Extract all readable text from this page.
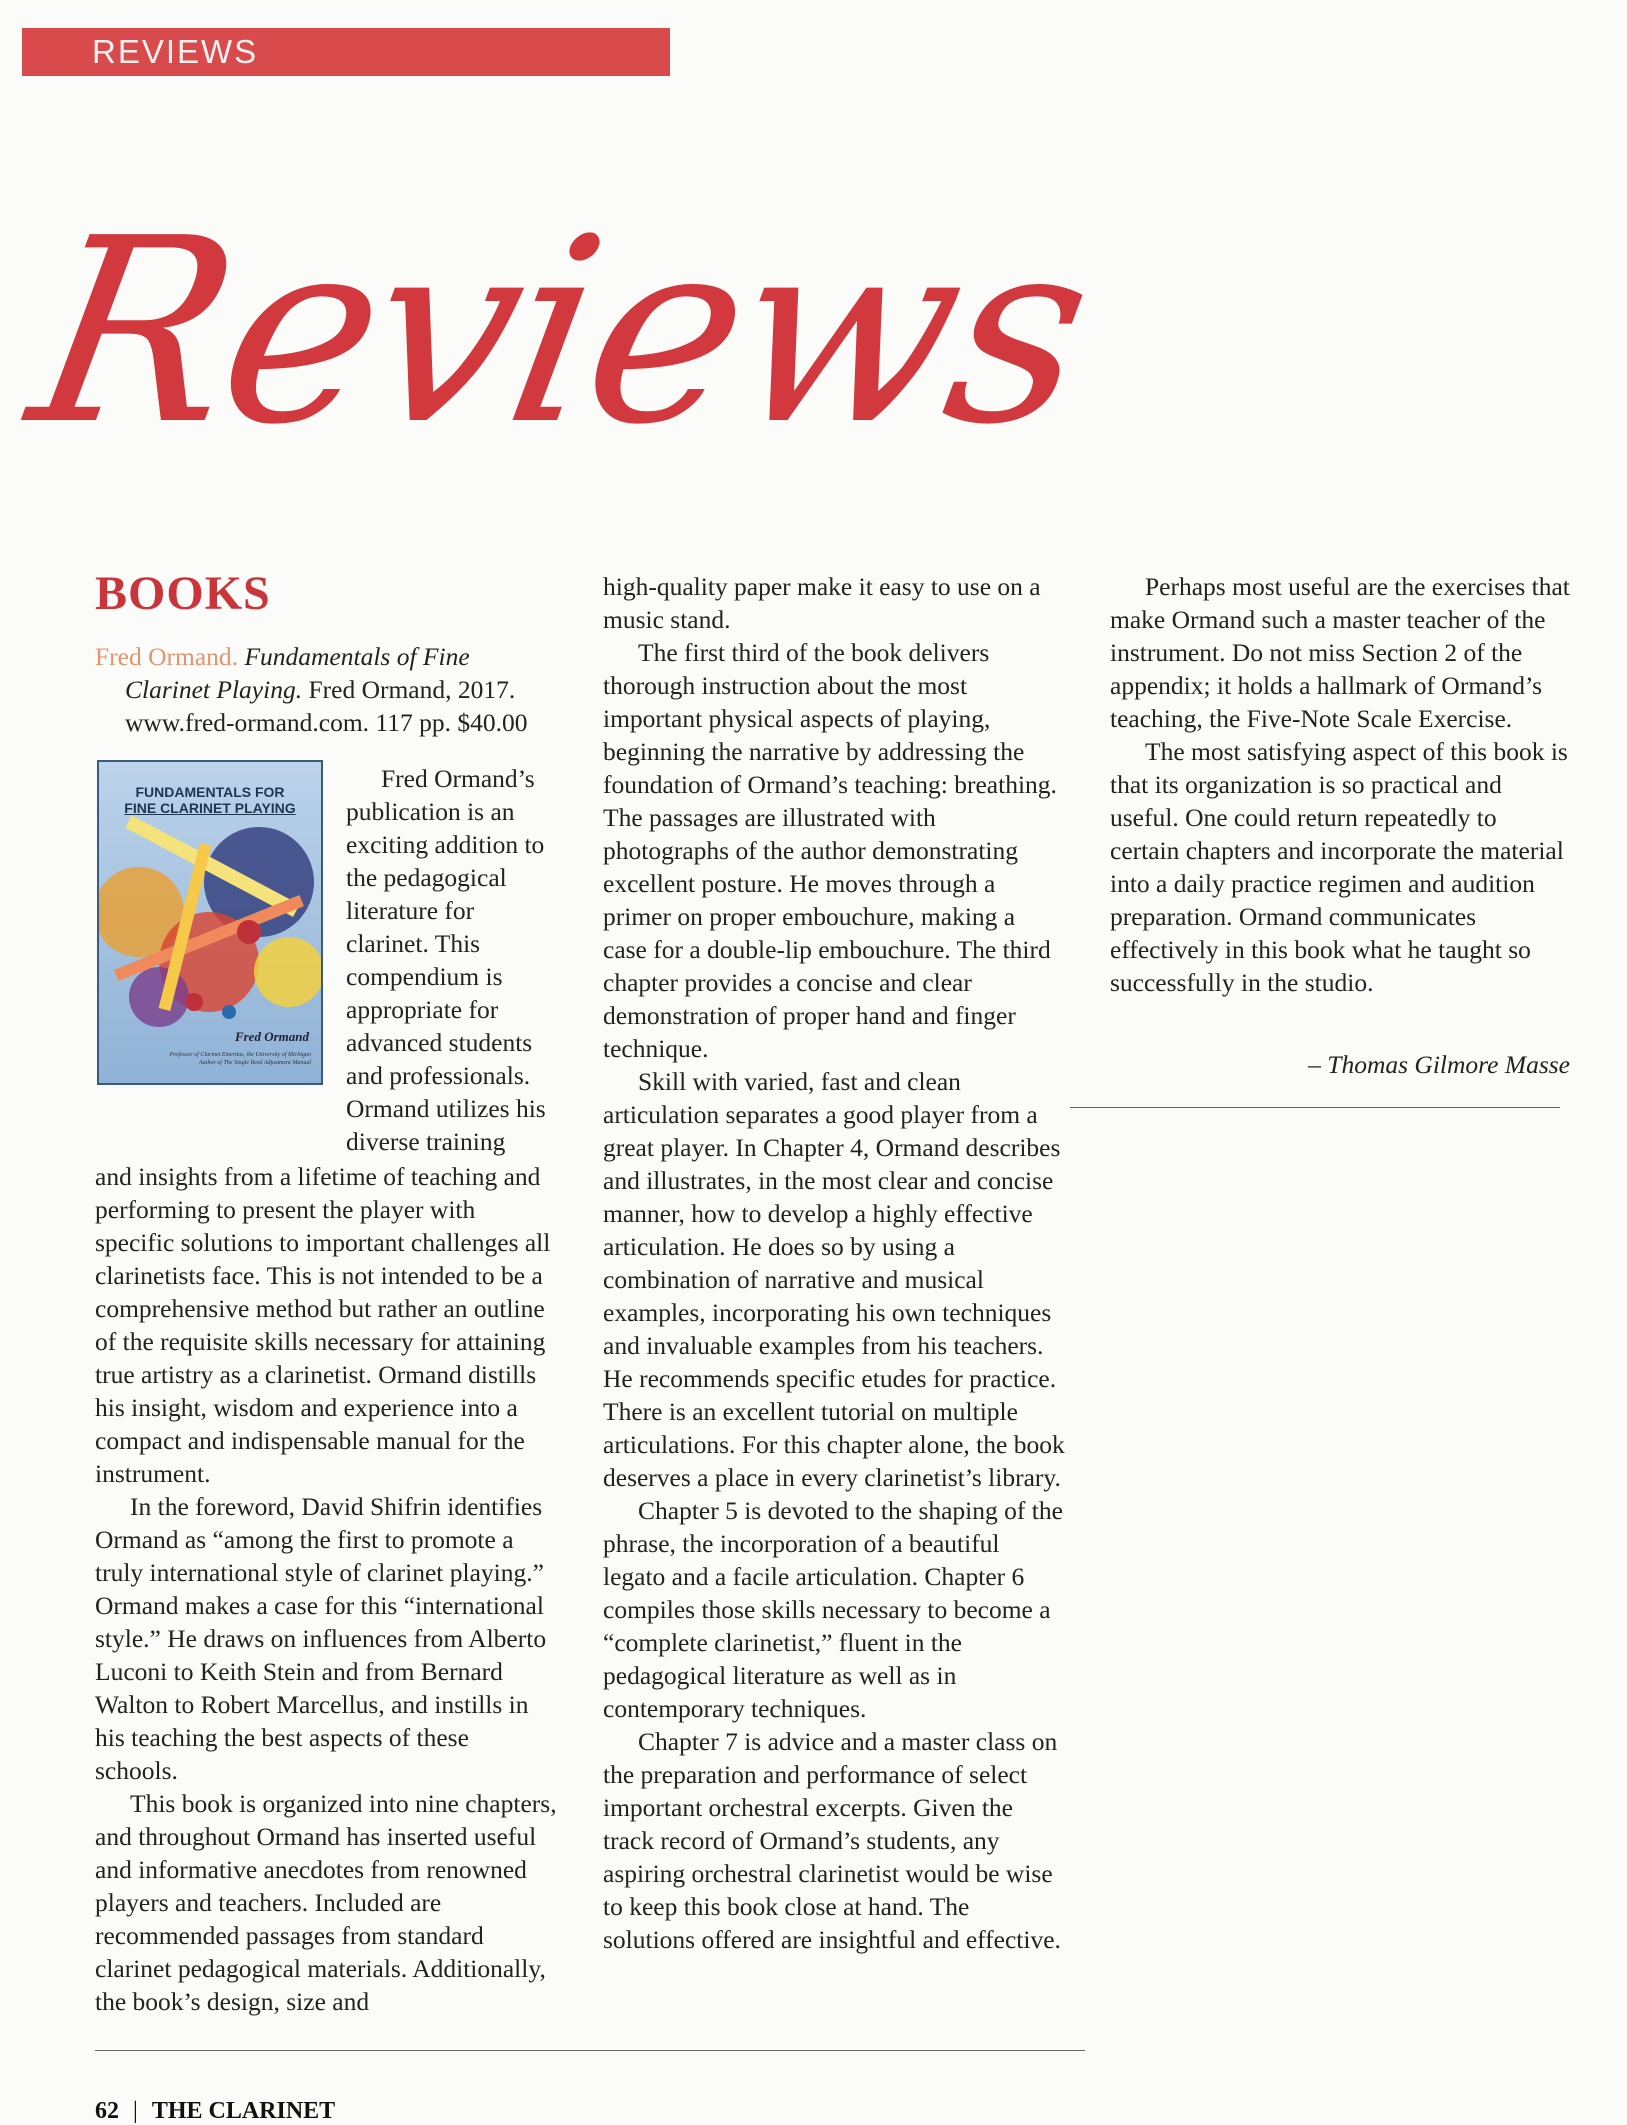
REVIEWS
Reviews
BOOKS
Fred Ormand. Fundamentals of Fine Clarinet Playing. Fred Ormand, 2017.
www.fred-ormand.com. 117 pp. $40.00
FUNDAMENTALS FOR
FINE CLARINET PLAYING
Fred Ormand
Professor of Clarinet Emeritus, the University of Michigan
Author of The Single Reed Adjustment Manual

Fred Ormand’s publication is an exciting addition to the pedagogical literature for clarinet. This compendium is appropriate for advanced students and professionals. Ormand utilizes his diverse training

and insights from a lifetime of teaching and performing to present the player with specific solutions to important challenges all clarinetists face. This is not intended to be a comprehensive method but rather an outline of the requisite skills necessary for attaining true artistry as a clarinetist. Ormand distills his insight, wisdom and experience into a compact and indispensable manual for the instrument.

In the foreword, David Shifrin identifies Ormand as “among the first to promote a truly international style of clarinet playing.” Ormand makes a case for this “international style.” He draws on influences from Alberto Luconi to Keith Stein and from Bernard Walton to Robert Marcellus, and instills in his teaching the best aspects of these schools.

This book is organized into nine chapters, and throughout Ormand has inserted useful and informative anecdotes from renowned players and teachers. Included are recommended passages from standard clarinet pedagogical materials. Additionally, the book’s design, size and

high-quality paper make it easy to use on a music stand.

The first third of the book delivers thorough instruction about the most important physical aspects of playing, beginning the narrative by addressing the foundation of Ormand’s teaching: breathing. The passages are illustrated with photographs of the author demonstrating excellent posture. He moves through a primer on proper embouchure, making a case for a double-lip embouchure. The third chapter provides a concise and clear demonstration of proper hand and finger technique.

Skill with varied, fast and clean articulation separates a good player from a great player. In Chapter 4, Ormand describes and illustrates, in the most clear and concise manner, how to develop a highly effective articulation. He does so by using a combination of narrative and musical examples, incorporating his own techniques and invaluable examples from his teachers. He recommends specific etudes for practice. There is an excellent tutorial on multiple articulations. For this chapter alone, the book deserves a place in every clarinetist’s library.

Chapter 5 is devoted to the shaping of the phrase, the incorporation of a beautiful legato and a facile articulation. Chapter 6 compiles those skills necessary to become a “complete clarinetist,” fluent in the pedagogical literature as well as in contemporary techniques.

Chapter 7 is advice and a master class on the preparation and performance of select important orchestral excerpts. Given the track record of Ormand’s students, any aspiring orchestral clarinetist would be wise to keep this book close at hand. The solutions offered are insightful and effective.

Perhaps most useful are the exercises that make Ormand such a master teacher of the instrument. Do not miss Section 2 of the appendix; it holds a hallmark of Ormand’s teaching, the Five-Note Scale Exercise.

The most satisfying aspect of this book is that its organization is so practical and useful. One could return repeatedly to certain chapters and incorporate the material into a daily practice regimen and audition preparation. Ormand communicates effectively in this book what he taught so successfully in the studio.

– Thomas Gilmore Masse
62 | THE CLARINET
